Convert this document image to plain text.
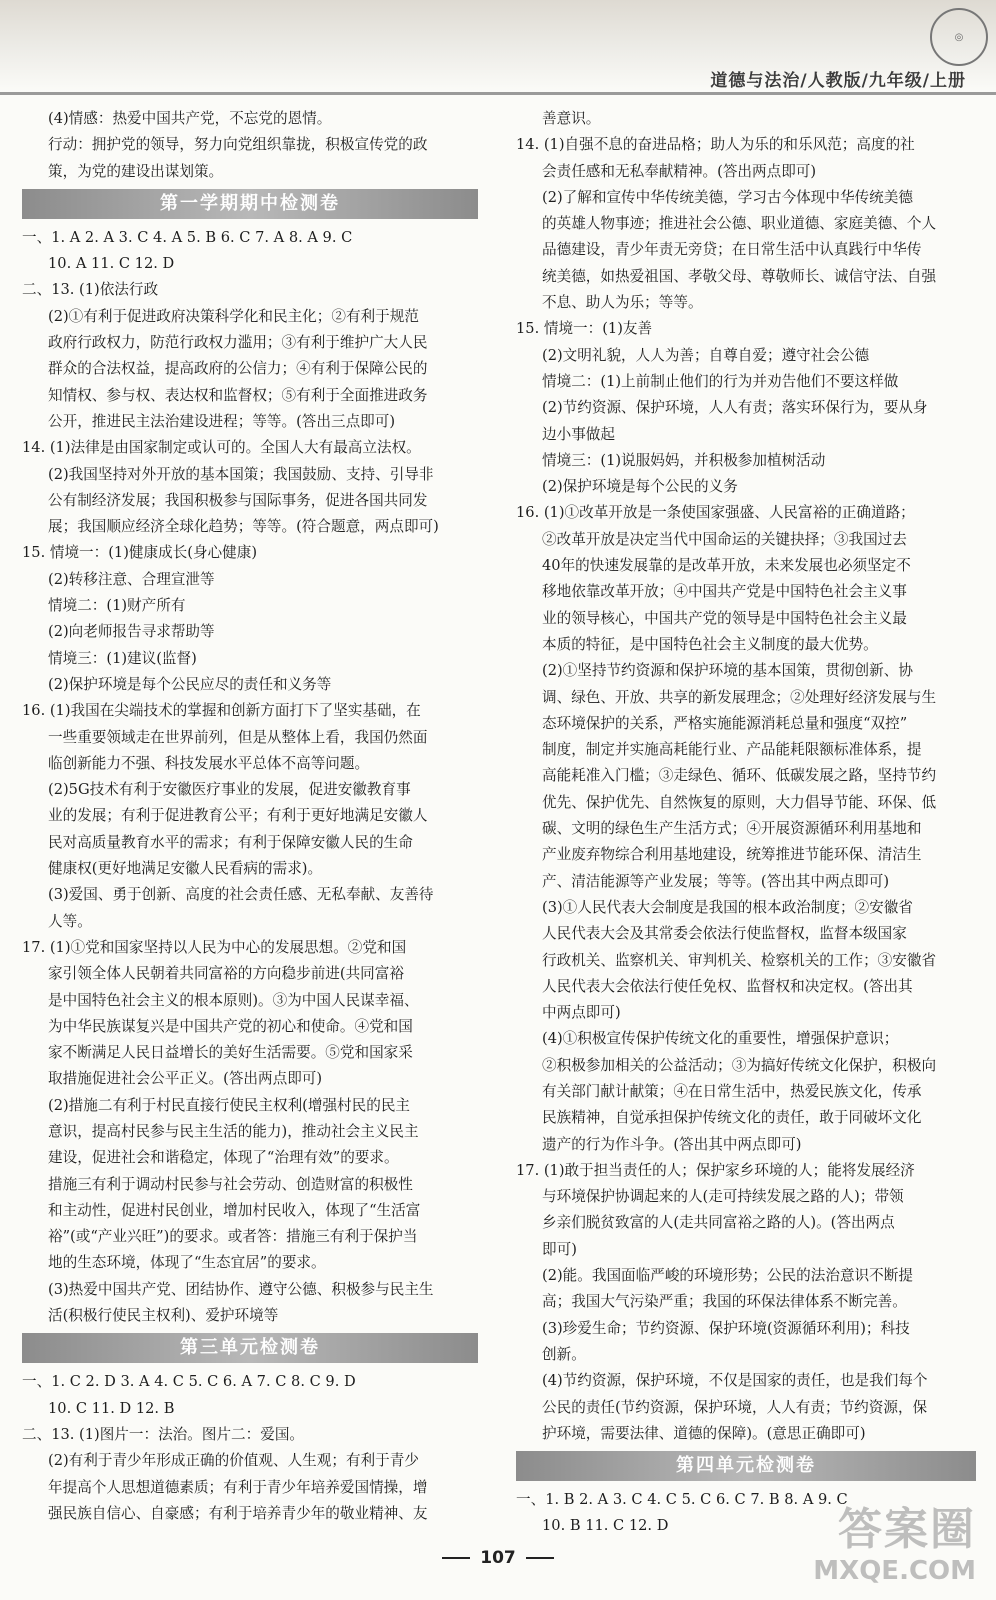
◎
道德与法治/人教版/九年级/上册

(4)情感：热爱中国共产党，不忘党的恩情。

行动：拥护党的领导，努力向党组织靠拢，积极宣传党的政

策，为党的建设出谋划策。

第一学期期中检测卷

一、1. A 2. A 3. C 4. A 5. B 6. C 7. A 8. A 9. C

10. A 11. C 12. D

二、13. (1)依法行政

(2)①有利于促进政府决策科学化和民主化；②有利于规范

政府行政权力，防范行政权力滥用；③有利于维护广大人民

群众的合法权益，提高政府的公信力；④有利于保障公民的

知情权、参与权、表达权和监督权；⑤有利于全面推进政务

公开，推进民主法治建设进程；等等。(答出三点即可)

14. (1)法律是由国家制定或认可的。全国人大有最高立法权。

(2)我国坚持对外开放的基本国策；我国鼓励、支持、引导非

公有制经济发展；我国积极参与国际事务，促进各国共同发

展；我国顺应经济全球化趋势；等等。(符合题意，两点即可)

15. 情境一：(1)健康成长(身心健康)

(2)转移注意、合理宣泄等

情境二：(1)财产所有

(2)向老师报告寻求帮助等

情境三：(1)建议(监督)

(2)保护环境是每个公民应尽的责任和义务等

16. (1)我国在尖端技术的掌握和创新方面打下了坚实基础，在

一些重要领域走在世界前列，但是从整体上看，我国仍然面

临创新能力不强、科技发展水平总体不高等问题。

(2)5G技术有利于安徽医疗事业的发展，促进安徽教育事

业的发展；有利于促进教育公平；有利于更好地满足安徽人

民对高质量教育水平的需求；有利于保障安徽人民的生命

健康权(更好地满足安徽人民看病的需求)。

(3)爱国、勇于创新、高度的社会责任感、无私奉献、友善待

人等。

17. (1)①党和国家坚持以人民为中心的发展思想。②党和国

家引领全体人民朝着共同富裕的方向稳步前进(共同富裕

是中国特色社会主义的根本原则)。③为中国人民谋幸福、

为中华民族谋复兴是中国共产党的初心和使命。④党和国

家不断满足人民日益增长的美好生活需要。⑤党和国家采

取措施促进社会公平正义。(答出两点即可)

(2)措施二有利于村民直接行使民主权利(增强村民的民主

意识，提高村民参与民主生活的能力)，推动社会主义民主

建设，促进社会和谐稳定，体现了“治理有效”的要求。

措施三有利于调动村民参与社会劳动、创造财富的积极性

和主动性，促进村民创业，增加村民收入，体现了“生活富

裕”(或“产业兴旺”)的要求。或者答：措施三有利于保护当

地的生态环境，体现了“生态宜居”的要求。

(3)热爱中国共产党、团结协作、遵守公德、积极参与民主生

活(积极行使民主权利)、爱护环境等

第三单元检测卷

一、1. C 2. D 3. A 4. C 5. C 6. A 7. C 8. C 9. D

10. C 11. D 12. B

二、13. (1)图片一：法治。图片二：爱国。

(2)有利于青少年形成正确的价值观、人生观；有利于青少

年提高个人思想道德素质；有利于青少年培养爱国情操，增

强民族自信心、自豪感；有利于培养青少年的敬业精神、友

善意识。

14. (1)自强不息的奋进品格；助人为乐的和乐风范；高度的社

会责任感和无私奉献精神。(答出两点即可)

(2)了解和宣传中华传统美德，学习古今体现中华传统美德

的英雄人物事迹；推进社会公德、职业道德、家庭美德、个人

品德建设，青少年责无旁贷；在日常生活中认真践行中华传

统美德，如热爱祖国、孝敬父母、尊敬师长、诚信守法、自强

不息、助人为乐；等等。

15. 情境一：(1)友善

(2)文明礼貌，人人为善；自尊自爱；遵守社会公德

情境二：(1)上前制止他们的行为并劝告他们不要这样做

(2)节约资源、保护环境，人人有责；落实环保行为，要从身

边小事做起

情境三：(1)说服妈妈，并积极参加植树活动

(2)保护环境是每个公民的义务

16. (1)①改革开放是一条使国家强盛、人民富裕的正确道路；

②改革开放是决定当代中国命运的关键抉择；③我国过去

40年的快速发展靠的是改革开放，未来发展也必须坚定不

移地依靠改革开放；④中国共产党是中国特色社会主义事

业的领导核心，中国共产党的领导是中国特色社会主义最

本质的特征，是中国特色社会主义制度的最大优势。

(2)①坚持节约资源和保护环境的基本国策，贯彻创新、协

调、绿色、开放、共享的新发展理念；②处理好经济发展与生

态环境保护的关系，严格实施能源消耗总量和强度“双控”

制度，制定并实施高耗能行业、产品能耗限额标准体系，提

高能耗准入门槛；③走绿色、循环、低碳发展之路，坚持节约

优先、保护优先、自然恢复的原则，大力倡导节能、环保、低

碳、文明的绿色生产生活方式；④开展资源循环利用基地和

产业废弃物综合利用基地建设，统筹推进节能环保、清洁生

产、清洁能源等产业发展；等等。(答出其中两点即可)

(3)①人民代表大会制度是我国的根本政治制度；②安徽省

人民代表大会及其常委会依法行使监督权，监督本级国家

行政机关、监察机关、审判机关、检察机关的工作；③安徽省

人民代表大会依法行使任免权、监督权和决定权。(答出其

中两点即可)

(4)①积极宣传保护传统文化的重要性，增强保护意识；

②积极参加相关的公益活动；③为搞好传统文化保护，积极向

有关部门献计献策；④在日常生活中，热爱民族文化，传承

民族精神，自觉承担保护传统文化的责任，敢于同破坏文化

遗产的行为作斗争。(答出其中两点即可)

17. (1)敢于担当责任的人；保护家乡环境的人；能将发展经济

与环境保护协调起来的人(走可持续发展之路的人)；带领

乡亲们脱贫致富的人(走共同富裕之路的人)。(答出两点

即可)

(2)能。我国面临严峻的环境形势；公民的法治意识不断提

高；我国大气污染严重；我国的环保法律体系不断完善。

(3)珍爱生命；节约资源、保护环境(资源循环利用)；科技

创新。

(4)节约资源，保护环境，不仅是国家的责任，也是我们每个

公民的责任(节约资源，保护环境，人人有责；节约资源，保

护环境，需要法律、道德的保障)。(意思正确即可)

第四单元检测卷

一、1. B 2. A 3. C 4. C 5. C 6. C 7. B 8. A 9. C

10. B 11. C 12. D

107
答案圈
MXQE.COM
